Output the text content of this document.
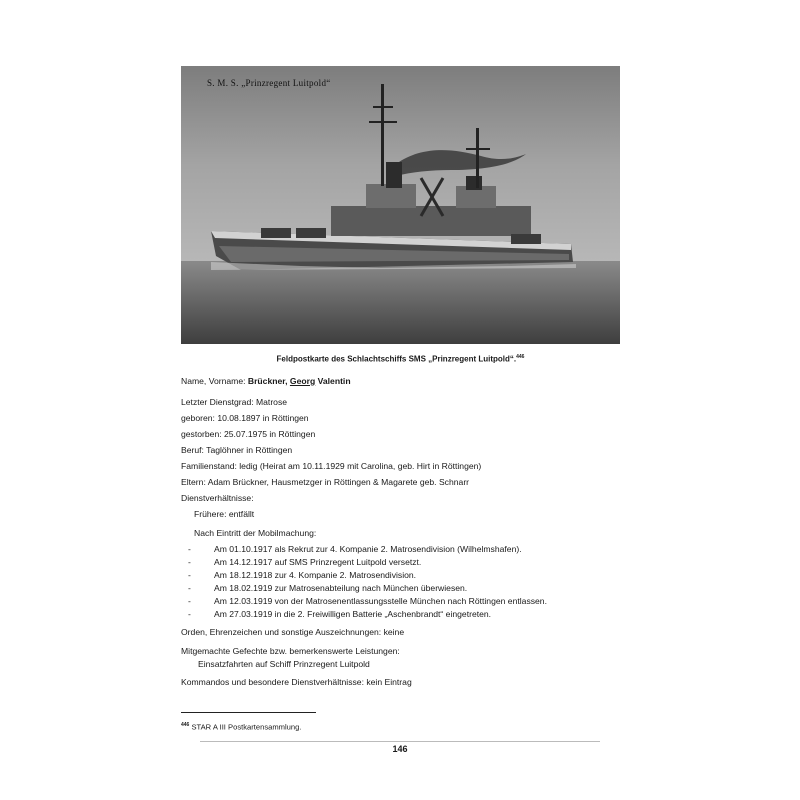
S. M. S. „Prinzregent Luitpold“
Feldpostkarte des Schlachtschiffs SMS „Prinzregent Luitpold“.$^{446}$
Name, Vorname: Brückner, Georg Valentin
Letzter Dienstgrad: Matrose
geboren: 10.08.1897 in Röttingen
gestorben: 25.07.1975 in Röttingen
Beruf: Taglöhner in Röttingen
Familienstand: ledig (Heirat am 10.11.1929 mit Carolina, geb. Hirt in Röttingen)
Eltern: Adam Brückner, Hausmetzger in Röttingen & Magarete geb. Schnarr
Dienstverhältnisse:
Frühere: entfällt
Nach Eintritt der Mobilmachung:
-	Am 01.10.1917 als Rekrut zur 4. Kompanie 2. Matrosendivision (Wilhelmshafen).
-	Am 14.12.1917 auf SMS Prinzregent Luitpold versetzt.
-	Am 18.12.1918 zur 4. Kompanie 2. Matrosendivision.
-	Am 18.02.1919 zur Matrosenabteilung nach München überwiesen.
-	Am 12.03.1919 von der Matrosenentlassungsstelle München nach Röttingen entlassen.
-	Am 27.03.1919 in die 2. Freiwilligen Batterie „Aschenbrandt“ eingetreten.
Orden, Ehrenzeichen und sonstige Auszeichnungen: keine
Mitgemachte Gefechte bzw. bemerkenswerte Leistungen:
Einsatzfahrten auf Schiff Prinzregent Luitpold
Kommandos und besondere Dienstverhältnisse: kein Eintrag
$^{446}$ STAR A III Postkartensammlung.
146
